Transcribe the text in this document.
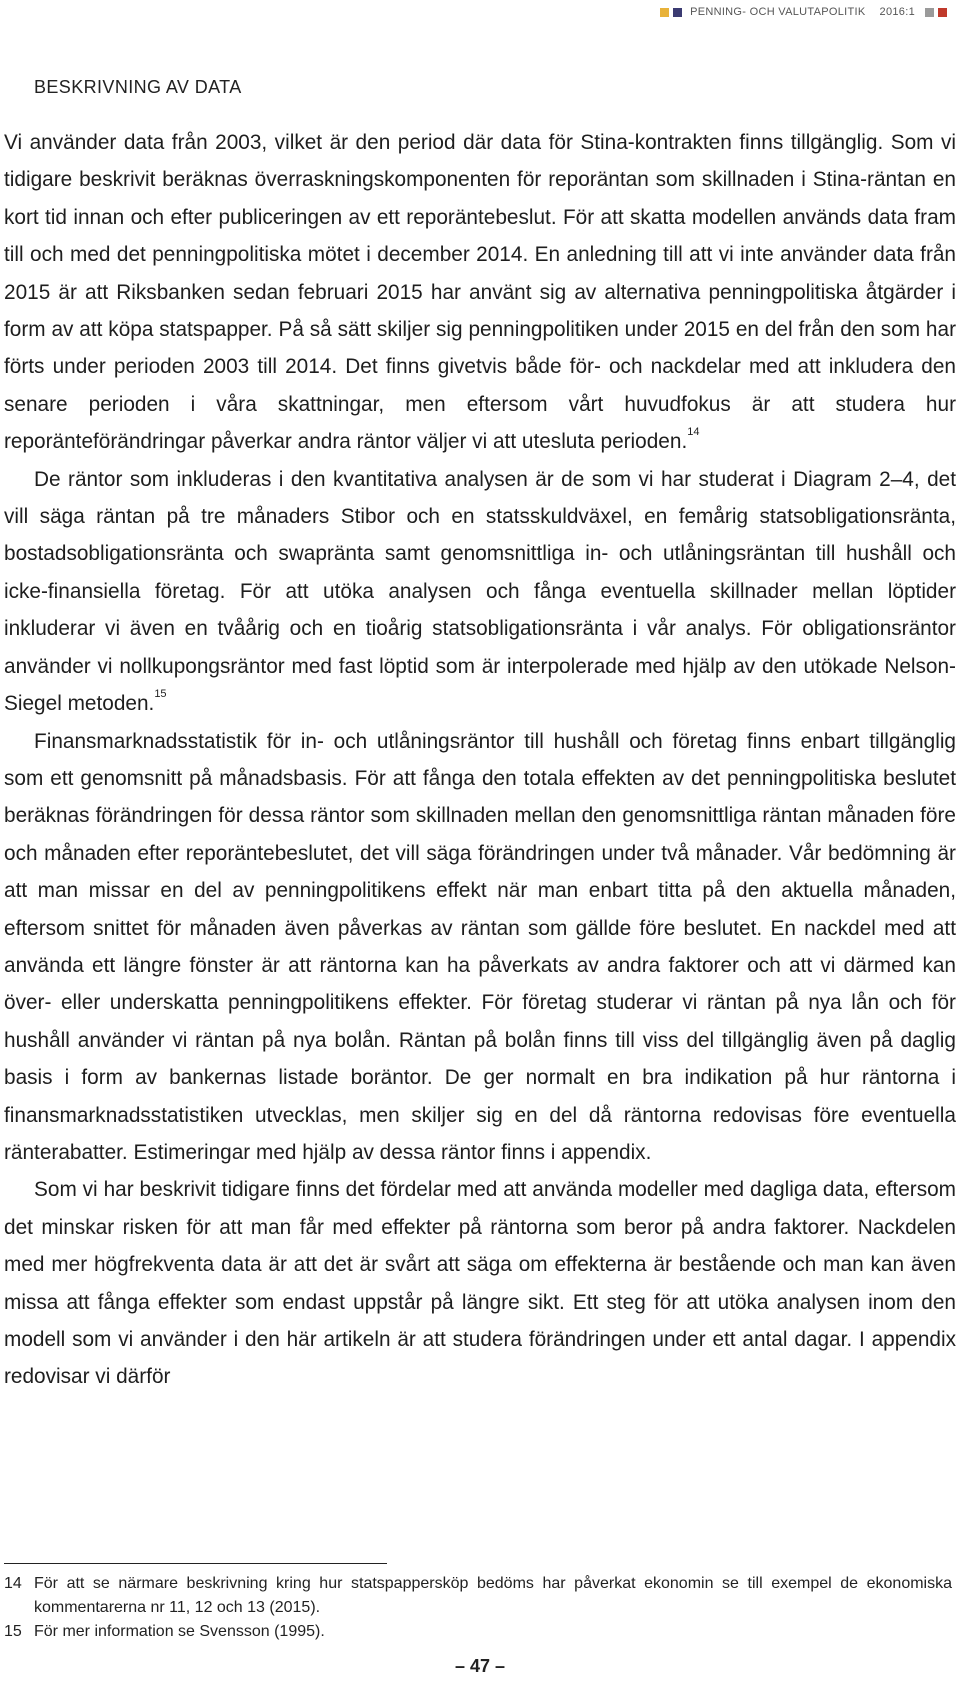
PENNING- OCH VALUTAPOLITIK 2016:1
BESKRIVNING AV DATA

Vi använder data från 2003, vilket är den period där data för Stina-kontrakten finns tillgänglig. Som vi tidigare beskrivit beräknas överraskningskomponenten för reporäntan som skillnaden i Stina-räntan en kort tid innan och efter publiceringen av ett reporäntebeslut. För att skatta modellen används data fram till och med det penningpolitiska mötet i december 2014. En anledning till att vi inte använder data från 2015 är att Riksbanken sedan februari 2015 har använt sig av alternativa penningpolitiska åtgärder i form av att köpa statspapper. På så sätt skiljer sig penningpolitiken under 2015 en del från den som har förts under perioden 2003 till 2014. Det finns givetvis både för- och nackdelar med att inkludera den senare perioden i våra skattningar, men eftersom vårt huvudfokus är att studera hur reporänteförändringar påverkar andra räntor väljer vi att utesluta perioden.$^{14}$

De räntor som inkluderas i den kvantitativa analysen är de som vi har studerat i Diagram 2–4, det vill säga räntan på tre månaders Stibor och en statsskuldväxel, en femårig statsobligationsränta, bostadsobligationsränta och swapränta samt genomsnittliga in- och utlåningsräntan till hushåll och icke-finansiella företag. För att utöka analysen och fånga eventuella skillnader mellan löptider inkluderar vi även en tvåårig och en tioårig statsobligationsränta i vår analys. För obligationsräntor använder vi nollkupongsräntor med fast löptid som är interpolerade med hjälp av den utökade Nelson-Siegel metoden.$^{15}$

Finansmarknadsstatistik för in- och utlåningsräntor till hushåll och företag finns enbart tillgänglig som ett genomsnitt på månadsbasis. För att fånga den totala effekten av det penningpolitiska beslutet beräknas förändringen för dessa räntor som skillnaden mellan den genomsnittliga räntan månaden före och månaden efter reporäntebeslutet, det vill säga förändringen under två månader. Vår bedömning är att man missar en del av penningpolitikens effekt när man enbart titta på den aktuella månaden, eftersom snittet för månaden även påverkas av räntan som gällde före beslutet. En nackdel med att använda ett längre fönster är att räntorna kan ha påverkats av andra faktorer och att vi därmed kan över- eller underskatta penningpolitikens effekter. För företag studerar vi räntan på nya lån och för hushåll använder vi räntan på nya bolån. Räntan på bolån finns till viss del tillgänglig även på daglig basis i form av bankernas listade boräntor. De ger normalt en bra indikation på hur räntorna i finansmarknadsstatistiken utvecklas, men skiljer sig en del då räntorna redovisas före eventuella ränterabatter. Estimeringar med hjälp av dessa räntor finns i appendix.

Som vi har beskrivit tidigare finns det fördelar med att använda modeller med dagliga data, eftersom det minskar risken för att man får med effekter på räntorna som beror på andra faktorer. Nackdelen med mer högfrekventa data är att det är svårt att säga om effekterna är bestående och man kan även missa att fånga effekter som endast uppstår på längre sikt. Ett steg för att utöka analysen inom den modell som vi använder i den här artikeln är att studera förändringen under ett antal dagar. I appendix redovisar vi därför

14 För att se närmare beskrivning kring hur statspappersköp bedöms har påverkat ekonomin se till exempel de ekonomiska kommentarerna nr 11, 12 och 13 (2015).
15 För mer information se Svensson (1995).
– 47 –
